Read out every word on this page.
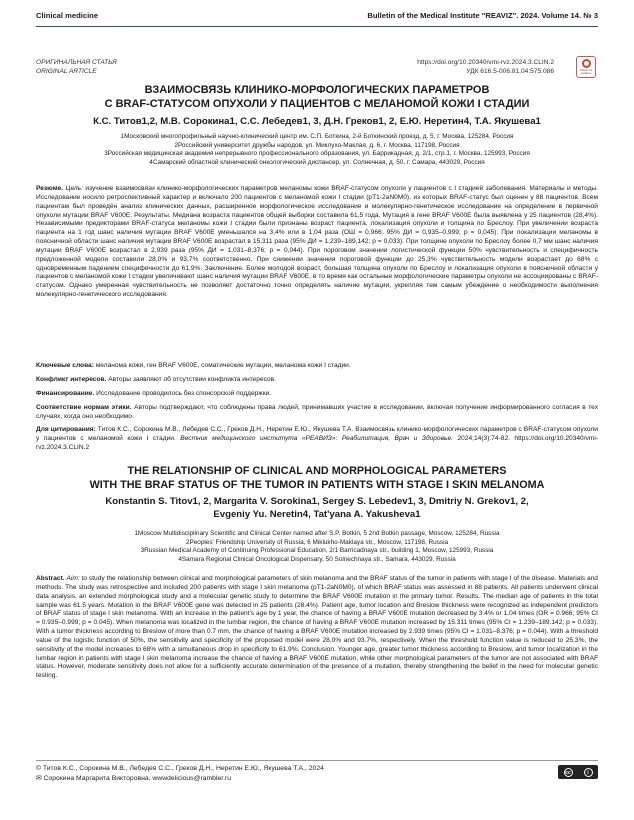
Clinical medicine	Bulletin of the Medical Institute "REAVIZ". 2024. Volume 14. № 3
ОРИГИНАЛЬНАЯ СТАТЬЯ
ORIGINAL ARTICLE
https://doi.org/10.20340/vmi-rvz.2024.3.CLIN.2
УДК 616.5-006.81.04:575.086	Check for updates
ВЗАИМОСВЯЗЬ КЛИНИКО-МОРФОЛОГИЧЕСКИХ ПАРАМЕТРОВ
С BRAF-СТАТУСОМ ОПУХОЛИ У ПАЦИЕНТОВ С МЕЛАНОМОЙ КОЖИ I СТАДИИ
К.С. Титов1,2, М.В. Сорокина1, С.С. Лебедев1, 3, Д.Н. Греков1, 2, Е.Ю. Неретин4, Т.А. Якушева1
1Московский многопрофильный научно-клинический центр им. С.П. Боткина, 2-й Боткинский проезд, д. 5, г. Москва, 125284, Россия
2Российский университет дружбы народов, ул. Миклухо-Маклая, д. 6, г. Москва, 117198, Россия
3Российская медицинская академия непрерывного профессионального образования, ул. Баррикадная, д. 2/1, стр.1, г. Москва, 125993, Россия
4Самарский областной клинический онкологический диспансер, ул. Солнечная, д. 50, г. Самара, 443029, Россия
Резюме. Цель: изучение взаимосвязи клинико-морфологических параметров меланомы кожи BRAF-статусом опухоли у пациентов с I стадией заболевания. Материалы и методы. Исследование носило ретроспективный характер и включало 200 пациентов с меланомой кожи I стадии (pT1-2aN0M0), из которых BRAF-статус был оценен у 88 пациентов. Всем пациентам был проведён анализ клинических данных, расширенное морфологическое исследование и молекулярно-генетическое исследование на определение в первичной опухоли мутации BRAF V600E. Результаты. Медиана возраста пациентов общей выборки составила 61,5 года. Мутация в гене BRAF V600E была выявлена у 25 пациентов (28,4%). Независимыми предикторами BRAF-статуса меланомы кожи I стадии были признаны возраст пациента, локализация опухоли и толщина по Бреслоу. При увеличении возраста пациента на 1 год шанс наличия мутации BRAF V600E уменьшался на 3,4% или в 1,04 раза (ОШ = 0,966; 95% ДИ = 0,935–0,999; p = 0,045). При локализации меланомы в поясничной области шанс наличия мутации BRAF V600E возрастал в 15,311 раза (95% ДИ = 1,239–189,142; p = 0,033). При толщине опухоли по Бреслоу более 0,7 мм шанс наличия мутации BRAF V600E возрастал в 2,939 раза (95% ДИ = 1,031–8,376; p = 0,044). При пороговом значении логистической функции 50% чувствительность и специфичность предложенной модели составили 28,0% и 93,7% соответственно. При снижении значения пороговой функции до 25,3% чувствительность модели возрастает до 68% с одновременным падением специфичности до 61,9%. Заключение. Более молодой возраст, большая толщина опухоли по Бреслоу и локализация опухоли в поясничной области у пациентов с меланомой кожи I стадии увеличивают шанс наличия мутации BRAF V600E, в то время как остальные морфологические параметры опухоли не ассоциированы с BRAF-статусом. Однако умеренная чувствительность не позволяет достаточно точно определять наличие мутации, укрепляя тем самым убеждение о необходимости выполнения молекулярно-генетического исследования.
Ключевые слова: меланома кожи, ген BRAF V600E, соматические мутации, меланома кожи I стадии.
Конфликт интересов. Авторы заявляют об отсутствии конфликта интересов.
Финансирование. Исследование проводилось без спонсорской поддержки.
Соответствие нормам этики. Авторы подтверждают, что соблюдены права людей, принимавших участие в исследовании, включая получение информированного согласия в тех случаях, когда оно необходимо.
Для цитирования: Титов К.С., Сорокина М.В., Лебедев С.С., Греков Д.Н., Неретин Е.Ю., Якушева Т.А. Взаимосвязь клинико-морфологических параметров с BRAF-статусом опухоли у пациентов с меланомой кожи I стадии. Вестник медицинского института «РЕАВИЗ»: Реабилитация, Врач и Здоровье. 2024;14(3):74-82. https://doi.org/10.20340/vmi-rvz.2024.3.CLIN.2
THE RELATIONSHIP OF CLINICAL AND MORPHOLOGICAL PARAMETERS
WITH THE BRAF STATUS OF THE TUMOR IN PATIENTS WITH STAGE I SKIN MELANOMA
Konstantin S. Titov1, 2, Margarita V. Sorokina1, Sergey S. Lebedev1, 3, Dmitriy N. Grekov1, 2,
Evgeniy Yu. Neretin4, Tat'yana A. Yakusheva1
1Moscow Multidisciplinary Scientific and Clinical Center named after S.P. Botkin, 5 2nd Botkin passage, Moscow, 125284, Russia
2Peoples' Friendship University of Russia, 6 Miklukho-Maklaya str., Moscow, 117198, Russia
3Russian Medical Academy of Continuing Professional Education, 2/1 Barricadnaya str., building 1, Moscow, 125993, Russia
4Samara Regional Clinical Oncological Dispensary, 50 Solnechnaya str., Samara, 443029, Russia
Abstract. Aim: to study the relationship between clinical and morphological parameters of skin melanoma and the BRAF status of the tumor in patients with stage I of the disease. Materials and methods. The study was retrospective and included 200 patients with stage I skin melanoma (pT1-2aN0M0), of which BRAF status was assessed in 88 patients. All patients underwent clinical data analysis, an extended morphological study and a molecular genetic study to determine the BRAF V600E mutation in the primary tumor. Results. The median age of patients in the total sample was 61.5 years. Mutation in the BRAF V600E gene was detected in 25 patients (28.4%). Patient age, tumor location and Breslow thickness were recognized as independent predictors of BRAF status of stage I skin melanoma. With an increase in the patient's age by 1 year, the chance of having a BRAF V600E mutation decreased by 3.4% or 1.04 times (OR = 0.966; 95% CI = 0.935–0.999; p = 0.045). When melanoma was localized in the lumbar region, the chance of having a BRAF V600E mutation increased by 15.311 times (95% CI = 1.239–189.142; p = 0.033). With a tumor thickness according to Breslow of more than 0.7 mm, the chance of having a BRAF V600E mutation increased by 2.939 times (95% CI = 1.031–8.376; p = 0.044). With a threshold value of the logistic function of 50%, the sensitivity and specificity of the proposed model were 28.0% and 93.7%, respectively. When the threshold function value is reduced to 25.3%, the sensitivity of the model increases to 68% with a simultaneous drop in specificity to 61.9%. Conclusion. Younger age, greater tumor thickness according to Breslow, and tumor localization in the lumbar region in patients with stage I skin melanoma increase the chance of having a BRAF V600E mutation, while other morphological parameters of the tumor are not associated with BRAF status. However, moderate sensitivity does not allow for a sufficiently accurate determination of the presence of a mutation, thereby strengthening the belief in the need for molecular genetic testing.
© Титов К.С., Сорокина М.В., Лебедев С.С., Греков Д.Н., Неретин Е.Ю., Якушева Т.А., 2024
✉ Сорокина Маргарита Викторовна, wwwdelicious@rambler.ru
cc	i
